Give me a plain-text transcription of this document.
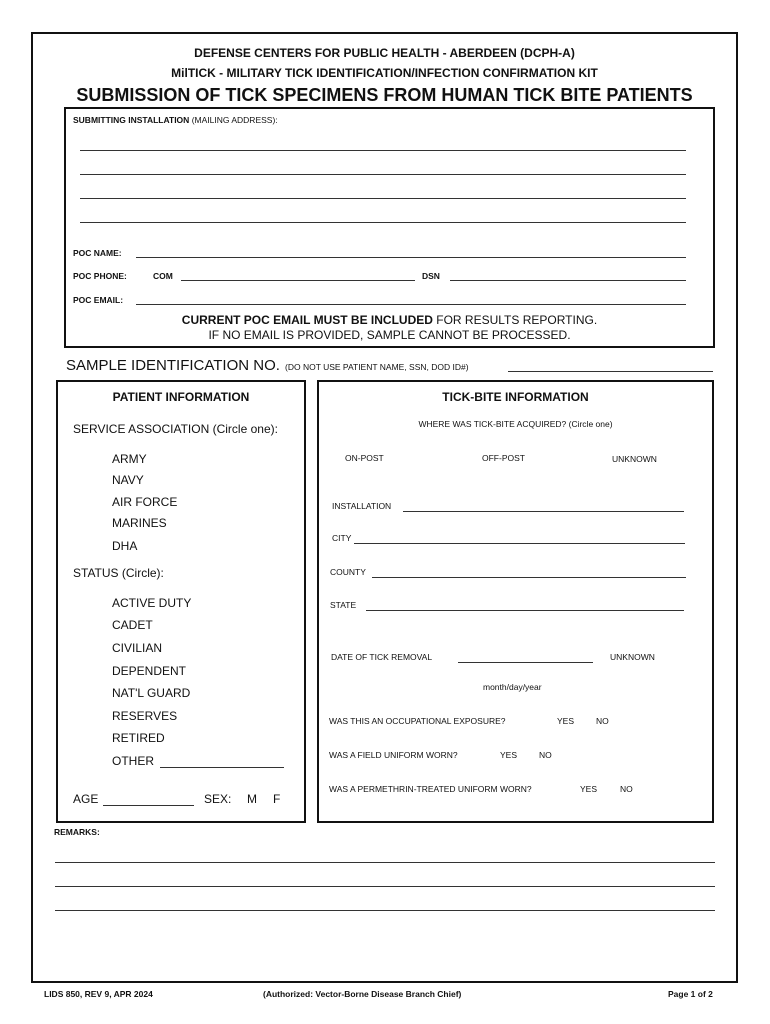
DEFENSE CENTERS FOR PUBLIC HEALTH - ABERDEEN (DCPH-A)
MilTICK - MILITARY TICK IDENTIFICATION/INFECTION CONFIRMATION KIT
SUBMISSION OF TICK SPECIMENS FROM HUMAN TICK BITE PATIENTS
SUBMITTING INSTALLATION (MAILING ADDRESS):
POC NAME:
POC PHONE:	COM	DSN
POC EMAIL:
CURRENT POC EMAIL MUST BE INCLUDED FOR RESULTS REPORTING.
IF NO EMAIL IS PROVIDED, SAMPLE CANNOT BE PROCESSED.
SAMPLE IDENTIFICATION NO. (DO NOT USE PATIENT NAME, SSN, DOD ID#)
PATIENT INFORMATION
SERVICE ASSOCIATION (Circle one):
ARMY
NAVY
AIR FORCE
MARINES
DHA
STATUS (Circle):
ACTIVE DUTY
CADET
CIVILIAN
DEPENDENT
NAT'L GUARD
RESERVES
RETIRED
OTHER
AGE	SEX: M F
TICK-BITE INFORMATION
WHERE WAS TICK-BITE ACQUIRED? (Circle one)
ON-POST	OFF-POST	UNKNOWN
INSTALLATION
CITY
COUNTY
STATE
DATE OF TICK REMOVAL	UNKNOWN
month/day/year
WAS THIS AN OCCUPATIONAL EXPOSURE?	YES	NO
WAS A FIELD UNIFORM WORN?	YES	NO
WAS A PERMETHRIN-TREATED UNIFORM WORN?	YES	NO
REMARKS:
LIDS 850, REV 9, APR 2024	(Authorized: Vector-Borne Disease Branch Chief)	Page 1 of 2
